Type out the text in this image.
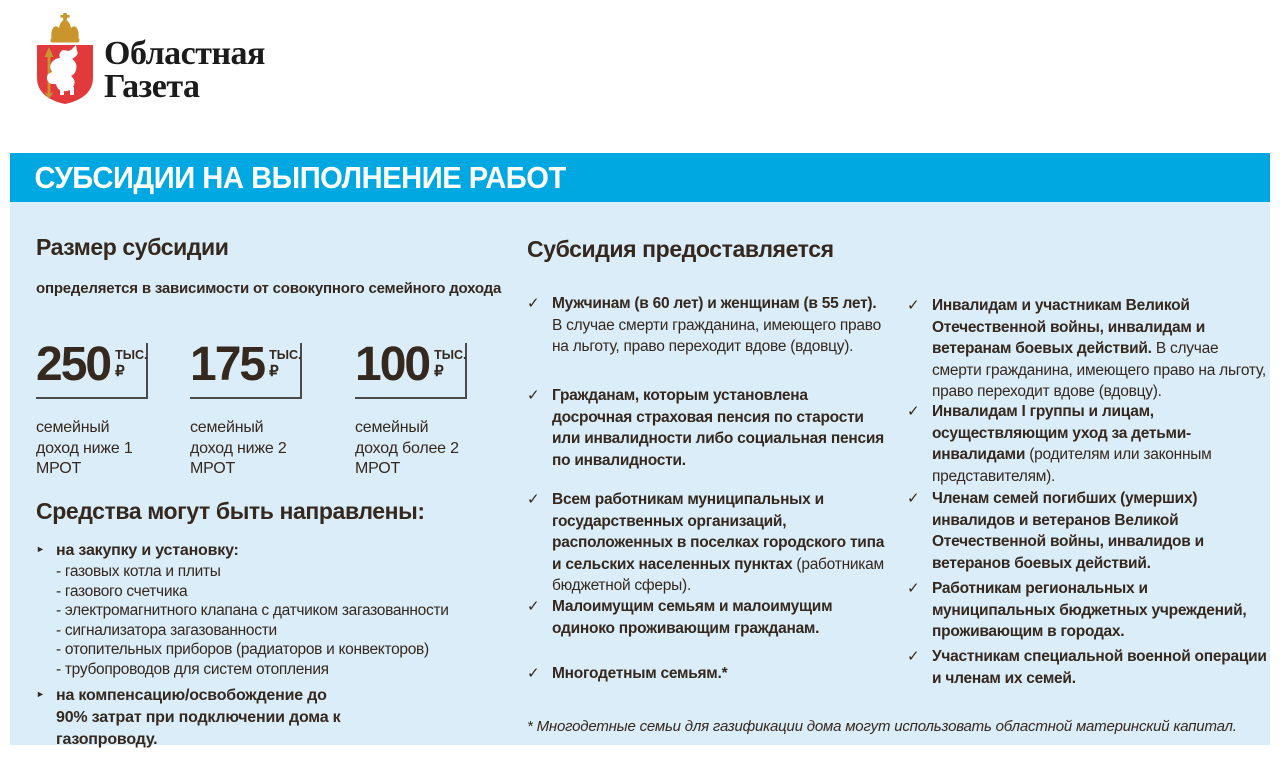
Областная
Газета
СУБСИДИИ НА ВЫПОЛНЕНИЕ РАБОТ
Размер субсидии
определяется в зависимости от совокупного семейного дохода
250 ТЫС.
₽
семейный доход ниже 1 МРОТ
175 ТЫС.
₽
семейный доход ниже 2 МРОТ
100 ТЫС.
₽
семейный доход более 2 МРОТ
Средства могут быть направлены:
► на закупку и установку:
- газовых котла и плиты
- газового счетчика
- электромагнитного клапана с датчиком загазованности
- сигнализатора загазованности
- отопительных приборов (радиаторов и конвекторов)
- трубопроводов для систем отопления
► на компенсацию/освобождение до 90% затрат при подключении дома к газопроводу.
Субсидия предоставляется
✓ Мужчинам (в 60 лет) и женщинам (в 55 лет). В случае смерти гражданина, имеющего право на льготу, право переходит вдове (вдовцу).
✓ Гражданам, которым установлена досрочная страховая пенсия по старости или инвалидности либо социальная пенсия по инвалидности.
✓ Всем работникам муниципальных и государственных организаций, расположенных в поселках городского типа и сельских населенных пунктах (работникам бюджетной сферы).
✓ Малоимущим семьям и малоимущим одиноко проживающим гражданам.
✓ Многодетным семьям.*
✓ Инвалидам и участникам Великой Отечественной войны, инвалидам и ветеранам боевых действий. В случае смерти гражданина, имеющего право на льготу, право переходит вдове (вдовцу).
✓ Инвалидам I группы и лицам, осуществляющим уход за детьми-инвалидами (родителям или законным представителям).
✓ Членам семей погибших (умерших) инвалидов и ветеранов Великой Отечественной войны, инвалидов и ветеранов боевых действий.
✓ Работникам региональных и муниципальных бюджетных учреждений, проживающим в городах.
✓ Участникам специальной военной операции и членам их семей.
* Многодетные семьи для газификации дома могут использовать областной материнский капитал.
